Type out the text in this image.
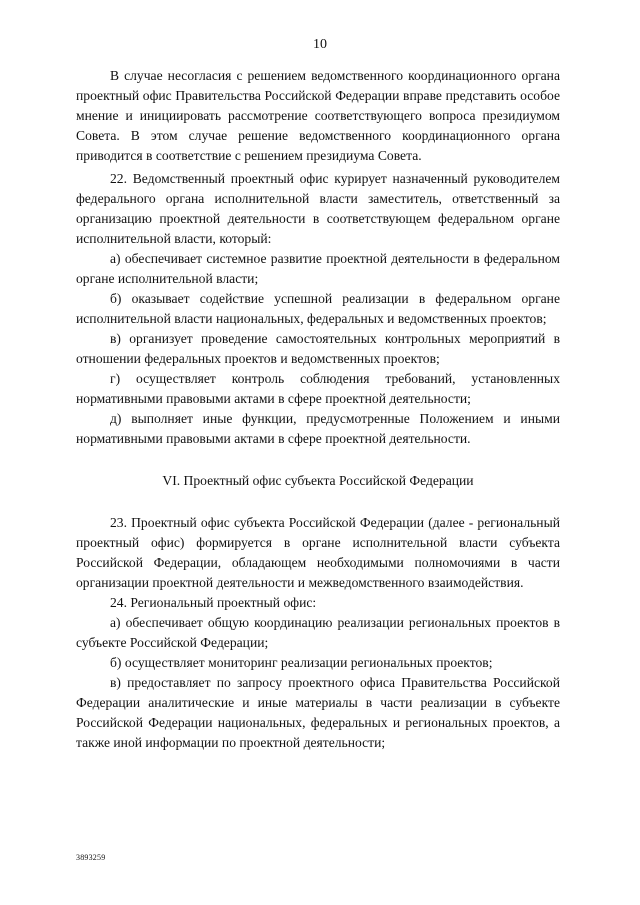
10

В случае несогласия с решением ведомственного координационного органа проектный офис Правительства Российской Федерации вправе представить особое мнение и инициировать рассмотрение соответствующего вопроса президиумом Совета. В этом случае решение ведомственного координационного органа приводится в соответствие с решением президиума Совета.

22. Ведомственный проектный офис курирует назначенный руководителем федерального органа исполнительной власти заместитель, ответственный за организацию проектной деятельности в соответствующем федеральном органе исполнительной власти, который:

а) обеспечивает системное развитие проектной деятельности в федеральном органе исполнительной власти;

б) оказывает содействие успешной реализации в федеральном органе исполнительной власти национальных, федеральных и ведомственных проектов;

в) организует проведение самостоятельных контрольных мероприятий в отношении федеральных проектов и ведомственных проектов;

г) осуществляет контроль соблюдения требований, установленных нормативными правовыми актами в сфере проектной деятельности;

д) выполняет иные функции, предусмотренные Положением и иными нормативными правовыми актами в сфере проектной деятельности.

VI. Проектный офис субъекта Российской Федерации

23. Проектный офис субъекта Российской Федерации (далее - региональный проектный офис) формируется в органе исполнительной власти субъекта Российской Федерации, обладающем необходимыми полномочиями в части организации проектной деятельности и межведомственного взаимодействия.

24. Региональный проектный офис:

а) обеспечивает общую координацию реализации региональных проектов в субъекте Российской Федерации;

б) осуществляет мониторинг реализации региональных проектов;

в) предоставляет по запросу проектного офиса Правительства Российской Федерации аналитические и иные материалы в части реализации в субъекте Российской Федерации национальных, федеральных и региональных проектов, а также иной информации по проектной деятельности;

3893259
